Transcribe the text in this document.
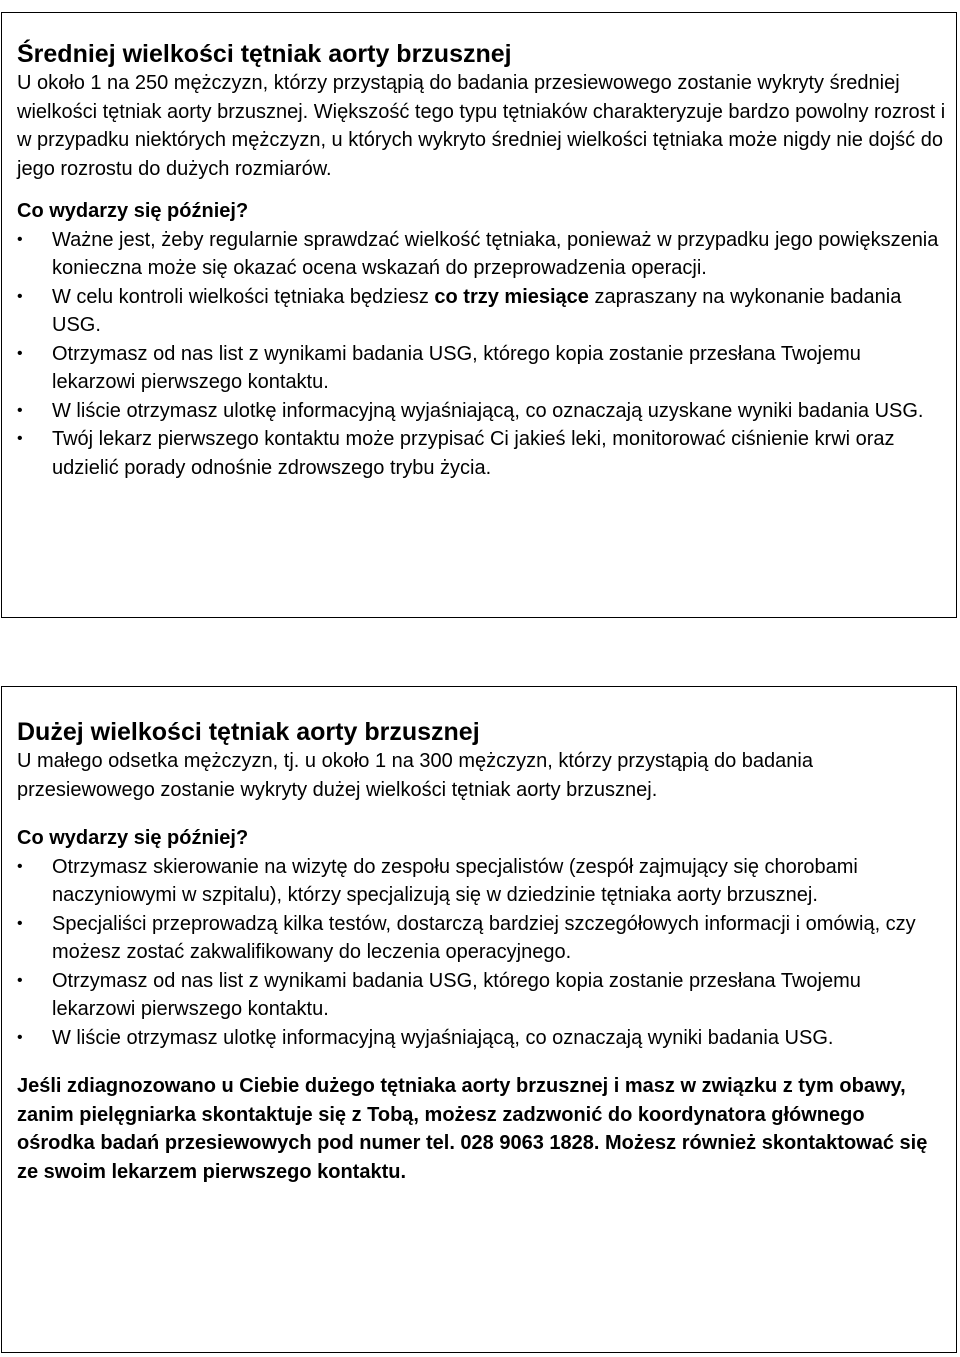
Średniej wielkości tętniak aorty brzusznej

U około 1 na 250 mężczyzn, którzy przystąpią do badania przesiewowego zostanie wykryty średniej wielkości tętniak aorty brzusznej. Większość tego typu tętniaków charakteryzuje bardzo powolny rozrost i w przypadku niektórych mężczyzn, u których wykryto średniej wielkości tętniaka może nigdy nie dojść do jego rozrostu do dużych rozmiarów.

Co wydarzy się później?
•	Ważne jest, żeby regularnie sprawdzać wielkość tętniaka, ponieważ w przypadku jego powiększenia konieczna może się okazać ocena wskazań do przeprowadzenia operacji.
•	W celu kontroli wielkości tętniaka będziesz co trzy miesiące zapraszany na wykonanie badania USG.
•	Otrzymasz od nas list z wynikami badania USG, którego kopia zostanie przesłana Twojemu lekarzowi pierwszego kontaktu.
•	W liście otrzymasz ulotkę informacyjną wyjaśniającą, co oznaczają uzyskane wyniki badania USG.
•	Twój lekarz pierwszego kontaktu może przypisać Ci jakieś leki, monitorować ciśnienie krwi oraz udzielić porady odnośnie zdrowszego trybu życia.
Dużej wielkości tętniak aorty brzusznej

U małego odsetka mężczyzn, tj. u około 1 na 300 mężczyzn, którzy przystąpią do badania przesiewowego zostanie wykryty dużej wielkości tętniak aorty brzusznej.

Co wydarzy się później?
•	Otrzymasz skierowanie na wizytę do zespołu specjalistów (zespół zajmujący się chorobami naczyniowymi w szpitalu), którzy specjalizują się w dziedzinie tętniaka aorty brzusznej.
•	Specjaliści przeprowadzą kilka testów, dostarczą bardziej szczegółowych informacji i omówią, czy możesz zostać zakwalifikowany do leczenia operacyjnego.
•	Otrzymasz od nas list z wynikami badania USG, którego kopia zostanie przesłana Twojemu lekarzowi pierwszego kontaktu.
•	W liście otrzymasz ulotkę informacyjną wyjaśniającą, co oznaczają wyniki badania USG.

Jeśli zdiagnozowano u Ciebie dużego tętniaka aorty brzusznej i masz w związku z tym obawy, zanim pielęgniarka skontaktuje się z Tobą, możesz zadzwonić do koordynatora głównego ośrodka badań przesiewowych pod numer tel. 028 9063 1828. Możesz również skontaktować się ze swoim lekarzem pierwszego kontaktu.
